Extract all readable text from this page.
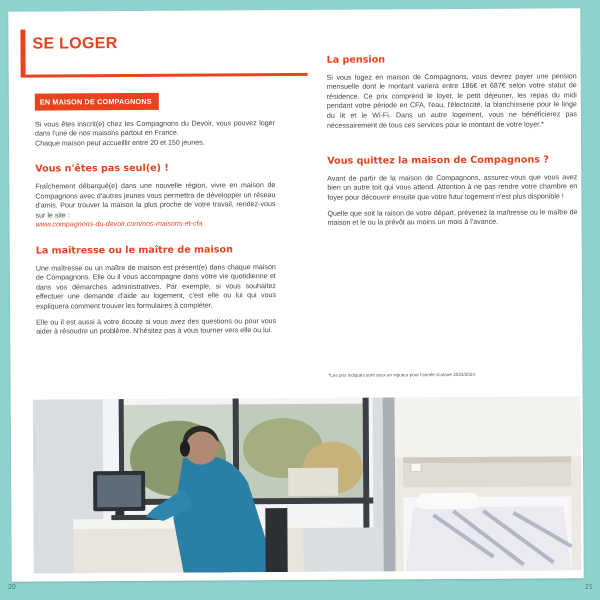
SE LOGER
EN MAISON DE COMPAGNONS

Si vous êtes inscrit(e) chez les Compagnons du Devoir, vous pouvez loger dans l'une de nos maisons partout en France.

Chaque maison peut accueillir entre 20 et 150 jeunes.

Vous n'êtes pas seul(e) !

Fraîchement débarqué(e) dans une nouvelle région, vivre en maison de Compagnons avec d'autres jeunes vous permettra de développer un réseau d'amis. Pour trouver la maison la plus proche de votre travail, rendez-vous sur le site :

www.compagnons-du-devoir.com/nos-maisons-et-cfa

La maîtresse ou le maître de maison

Une maîtresse ou un maître de maison est présent(e) dans chaque maison de Compagnons. Elle ou il vous accompagne dans votre vie quotidienne et dans vos démarches administratives. Par exemple, si vous souhaitez effectuer une demande d'aide au logement, c'est elle ou lui qui vous expliquera comment trouver les formulaires à compléter.

Elle ou il est aussi à votre écoute si vous avez des questions ou pour vous aider à résoudre un problème. N'hésitez pas à vous tourner vers elle ou lui.

La pension

Si vous logez en maison de Compagnons, vous devrez payer une pension mensuelle dont le montant variera entre 186€ et 687€ selon votre statut de résidence. Ce prix comprend le loyer, le petit déjeuner, les repas du midi pendant votre période en CFA, l'eau, l'électricité, la blanchisserie pour le linge du lit et le Wi-Fi. Dans un autre logement, vous ne bénéficierez pas nécessairement de tous ces services pour le montant de votre loyer.*

Vous quittez la maison de Compagnons ?

Avant de partir de la maison de Compagnons, assurez-vous que vous avez bien un autre toit qui vous attend. Attention à ne pas rendre votre chambre en foyer pour découvrir ensuite que votre futur logement n'est plus disponible !

Quelle que soit la raison de votre départ, prévenez la maîtresse ou le maître de maison et le ou la prévôt au moins un mois à l'avance.

*Les prix indiqués sont ceux en vigueur pour l'année scolaire 2023/2024.
20	21
